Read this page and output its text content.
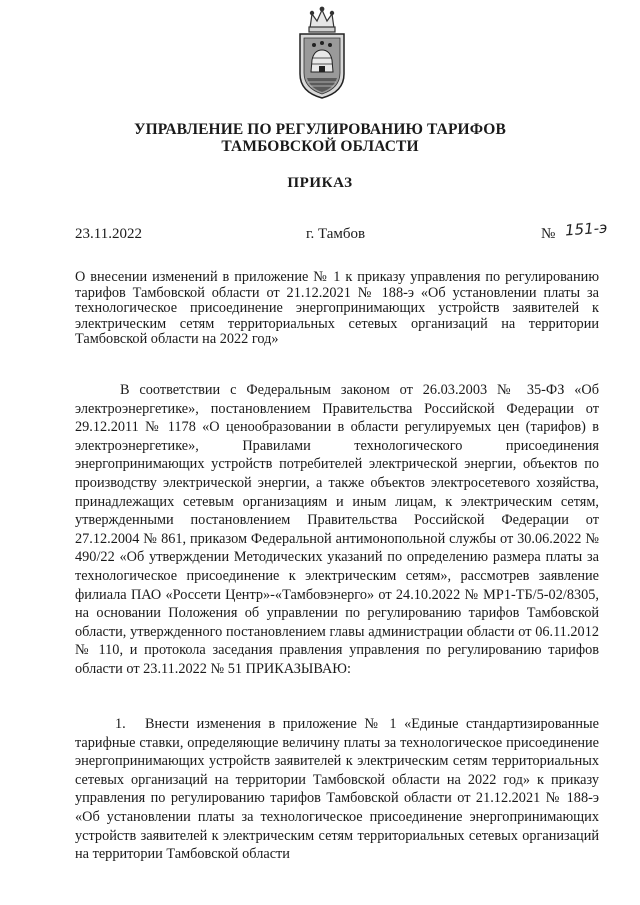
УПРАВЛЕНИЕ ПО РЕГУЛИРОВАНИЮ ТАРИФОВ
ТАМБОВСКОЙ ОБЛАСТИ
ПРИКАЗ
23.11.2022	г. Тамбов	№ 151-э
О внесении изменений в приложение № 1 к приказу управления по регулированию тарифов Тамбовской области от 21.12.2021 № 188-э «Об установлении платы за технологическое присоединение энергопринимающих устройств заявителей к электрическим сетям территориальных сетевых организаций на территории Тамбовской области на 2022 год»
В соответствии с Федеральным законом от 26.03.2003 № 35-ФЗ «Об электроэнергетике», постановлением Правительства Российской Федерации от 29.12.2011 № 1178 «О ценообразовании в области регулируемых цен (тарифов) в электроэнергетике», Правилами технологического присоединения энергопринимающих устройств потребителей электрической энергии, объектов по производству электрической энергии, а также объектов электросетевого хозяйства, принадлежащих сетевым организациям и иным лицам, к электрическим сетям, утвержденными постановлением Правительства Российской Федерации от 27.12.2004 № 861, приказом Федеральной антимонопольной службы от 30.06.2022 № 490/22 «Об утверждении Методических указаний по определению размера платы за технологическое присоединение к электрическим сетям», рассмотрев заявление филиала ПАО «Россети Центр»-«Тамбовэнерго» от 24.10.2022 № МР1-ТБ/5-02/8305, на основании Положения об управлении по регулированию тарифов Тамбовской области, утвержденного постановлением главы администрации области от 06.11.2012 № 110, и протокола заседания правления управления по регулированию тарифов области от 23.11.2022 № 51 ПРИКАЗЫВАЮ:
1. Внести изменения в приложение № 1 «Единые стандартизированные тарифные ставки, определяющие величину платы за технологическое присоединение энергопринимающих устройств заявителей к электрическим сетям территориальных сетевых организаций на территории Тамбовской области на 2022 год» к приказу управления по регулированию тарифов Тамбовской области от 21.12.2021 № 188-э «Об установлении платы за технологическое присоединение энергопринимающих устройств заявителей к электрическим сетям территориальных сетевых организаций на территории Тамбовской области
